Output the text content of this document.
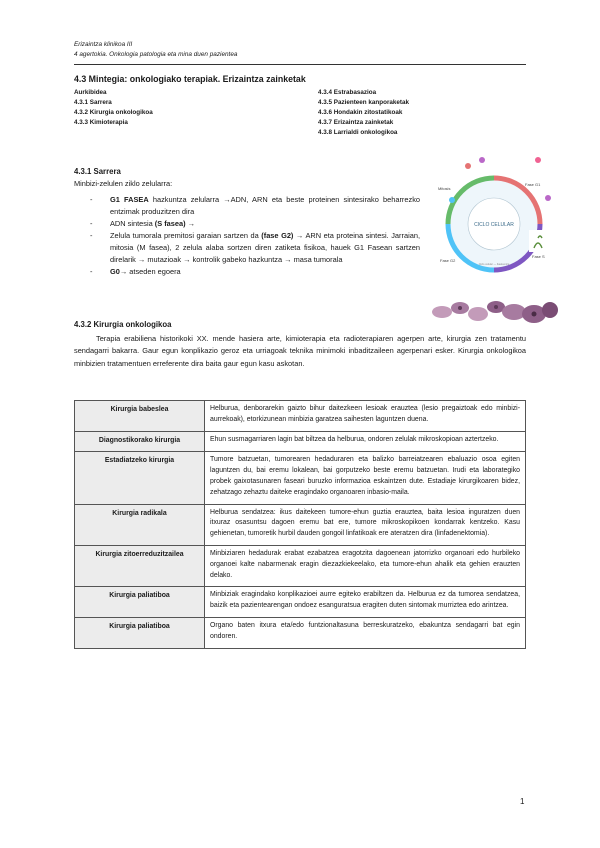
Erizaintza klinikoa III
4 agertokia. Onkologia patologia eta mina duen pazientea
4.3 Mintegia: onkologiako terapiak. Erizaintza zainketak
Aurkibidea
4.3.1 Sarrera
4.3.2 Kirurgia onkologikoa
4.3.3 Kimioterapia
4.3.4 Estrabasazioa
4.3.5 Pazienteen kanporaketak
4.3.6 Hondakin zitostatikoak
4.3.7 Erizaintza zainketak
4.3.8 Larrialdi onkologikoa
4.3.1 Sarrera
Minbizi-zelulen ziklo zelularra:
- G1 FASEA hazkuntza zelularra →ADN, ARN eta beste proteinen sintesirako beharrezko entzimak produzitzen dira
- ADN sintesia (S fasea) →
- Zelula tumorala premitosi garaian sartzen da (fase G2) → ARN eta proteina sintesi. Jarraian, mitosia (M fasea), 2 zelula alaba sortzen diren zatiketa fisikoa, hauek G1 Fasean sartzen direlarik → mutazioak → kontrolik gabeko hazkuntza → masa tumorala
- G0→ atseden egoera
CICLO CELULAR
Fase G1
Fase S
Fase G2
Mitosis
Ciclo celular — Ikaskuntza
4.3.2 Kirurgia onkologikoa
Terapia erabiliena historikoki XX. mende hasiera arte, kimioterapia eta radioterapiaren agerpen arte, kirurgia zen tratamentu sendagarri bakarra. Gaur egun konplikazio geroz eta urriagoak teknika minimoki inbaditzaileen agerpenari esker. Kirurgia onkologikoa minbizien tratamentuen erreferente dira baita gaur egun kasu askotan.
Kirurgia babeslea	Helburua, denborarekin gaizto bihur daitezkeen lesioak erauztea (lesio pregaiztoak edo minbizi-aurrekoak), etorkizunean minbizia garatzea saihesten laguntzen duena.
Diagnostikorako kirurgia	Ehun susmagarriaren lagin bat biltzea da helburua, ondoren zelulak mikroskopioan aztertzeko.
Estadiatzeko kirurgia	Tumore batzuetan, tumorearen hedaduraren eta balizko barreiatzearen ebaluazio osoa egiten laguntzen du, bai eremu lokalean, bai gorputzeko beste eremu batzuetan. Irudi eta laborategiko probek gaixotasunaren faseari buruzko informazioa eskaintzen dute. Estadiaje kirurgikoaren bidez, zehatzago zehaztu daiteke eragindako organoaren inbasio-maila.
Kirurgia radikala	Helburua sendatzea: ikus daitekeen tumore-ehun guztia erauztea, baita lesioa inguratzen duen itxuraz osasuntsu dagoen eremu bat ere, tumore mikroskopikoen kondarrak kentzeko. Kasu gehienetan, tumoretik hurbil dauden gongoil linfatikoak ere ateratzen dira (linfadenektomia).
Kirurgia zitoerreduzitzailea	Minbiziaren hedadurak erabat ezabatzea eragotzita dagoenean jatorrizko organoari edo hurbileko organoei kalte nabarmenak eragin diezazkiekeelako, eta tumore-ehun ahalik eta gehien erauzten delako.
Kirurgia paliatiboa	Minbiziak eragindako konplikazioei aurre egiteko erabiltzen da. Helburua ez da tumorea sendatzea, baizik eta pazientearengan ondoez esanguratsua eragiten duten sintomak murriztea edo arintzea.
Kirurgia paliatiboa	Organo baten itxura eta/edo funtzionaltasuna berreskuratzeko, ebakuntza sendagarri bat egin ondoren.
1
